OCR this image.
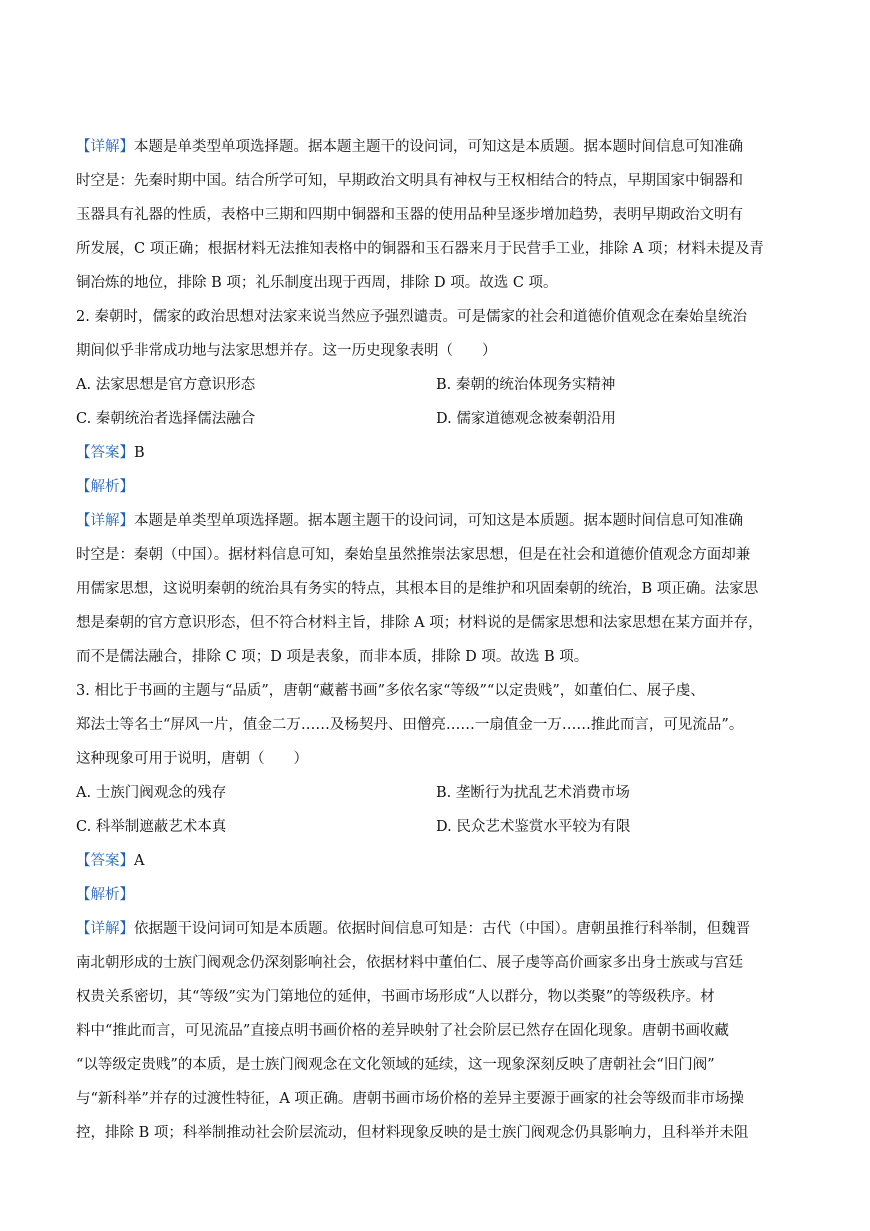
【详解】本题是单类型单项选择题。据本题主题干的设问词，可知这是本质题。据本题时间信息可知准确
时空是：先秦时期中国。结合所学可知，早期政治文明具有神权与王权相结合的特点，早期国家中铜器和
玉器具有礼器的性质，表格中三期和四期中铜器和玉器的使用品种呈逐步增加趋势，表明早期政治文明有
所发展，C 项正确；根据材料无法推知表格中的铜器和玉石器来月于民营手工业，排除 A 项；材料未提及青
铜冶炼的地位，排除 B 项；礼乐制度出现于西周，排除 D 项。故选 C 项。
2. 秦朝时，儒家的政治思想对法家来说当然应予强烈谴责。可是儒家的社会和道德价值观念在秦始皇统治
期间似乎非常成功地与法家思想并存。这一历史现象表明（　　）
A. 法家思想是官方意识形态	B. 秦朝的统治体现务实精神
C. 秦朝统治者选择儒法融合	D. 儒家道德观念被秦朝沿用
【答案】B
【解析】
【详解】本题是单类型单项选择题。据本题主题干的设问词，可知这是本质题。据本题时间信息可知准确
时空是：秦朝（中国）。据材料信息可知，秦始皇虽然推崇法家思想，但是在社会和道德价值观念方面却兼
用儒家思想，这说明秦朝的统治具有务实的特点，其根本目的是维护和巩固秦朝的统治，B 项正确。法家思
想是秦朝的官方意识形态，但不符合材料主旨，排除 A 项；材料说的是儒家思想和法家思想在某方面并存，
而不是儒法融合，排除 C 项；D 项是表象，而非本质，排除 D 项。故选 B 项。
3. 相比于书画的主题与“品质”，唐朝“藏蓄书画”多依名家“等级”“以定贵贱”，如董伯仁、展子虔、
郑法士等名士“屏风一片，值金二万……及杨契丹、田僧亮……一扇值金一万……推此而言，可见流品”。
这种现象可用于说明，唐朝（　　）
A. 士族门阀观念的残存	B. 垄断行为扰乱艺术消费市场
C. 科举制遮蔽艺术本真	D. 民众艺术鉴赏水平较为有限
【答案】A
【解析】
【详解】依据题干设问词可知是本质题。依据时间信息可知是：古代（中国）。唐朝虽推行科举制，但魏晋
南北朝形成的士族门阀观念仍深刻影响社会，依据材料中董伯仁、展子虔等高价画家多出身士族或与宫廷
权贵关系密切，其“等级”实为门第地位的延伸，书画市场形成“人以群分，物以类聚”的等级秩序。材
料中“推此而言，可见流品”直接点明书画价格的差异映射了社会阶层已然存在固化现象。唐朝书画收藏
“以等级定贵贱”的本质，是士族门阀观念在文化领域的延续，这一现象深刻反映了唐朝社会“旧门阀”
与“新科举”并存的过渡性特征，A 项正确。唐朝书画市场价格的差异主要源于画家的社会等级而非市场操
控，排除 B 项；科举制推动社会阶层流动，但材料现象反映的是士族门阀观念仍具影响力，且科举并未阻
